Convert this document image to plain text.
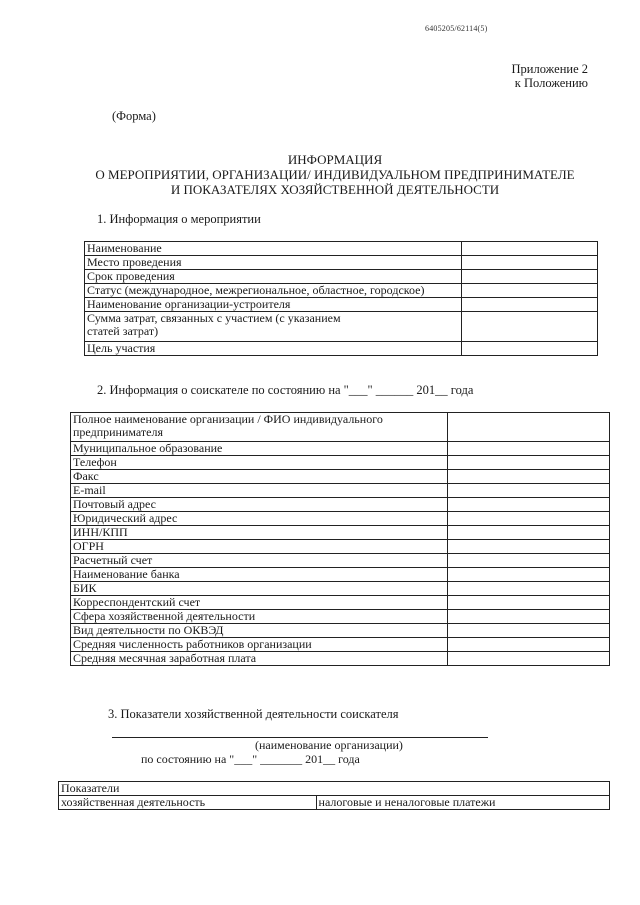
6405205/62114(5)
Приложение 2
к Положению
(Форма)
ИНФОРМАЦИЯ
О МЕРОПРИЯТИИ, ОРГАНИЗАЦИИ/ ИНДИВИДУАЛЬНОМ ПРЕДПРИНИМАТЕЛЕ
И ПОКАЗАТЕЛЯХ ХОЗЯЙСТВЕННОЙ ДЕЯТЕЛЬНОСТИ
1. Информация о мероприятии
Наименование	
Место проведения	
Срок проведения	
Статус (международное, межрегиональное, областное, городское)	
Наименование организации-устроителя	
Сумма затрат, связанных с участием (с указанием
статей затрат)	
Цель участия	
2. Информация о соискателе по состоянию на "___" ______ 201__ года
Полное наименование организации / ФИО индивидуального
предпринимателя	
Муниципальное образование	
Телефон	
Факс	
E-mail	
Почтовый адрес	
Юридический адрес	
ИНН/КПП	
ОГРН	
Расчетный счет	
Наименование банка	
БИК	
Корреспондентский счет	
Сфера хозяйственной деятельности	
Вид деятельности по ОКВЭД	
Средняя численность работников организации	
Средняя месячная заработная плата	
3. Показатели хозяйственной деятельности соискателя
(наименование организации)
по состоянию на "___" _______ 201__ года
Показатели
хозяйственная деятельность	налоговые и неналоговые платежи
